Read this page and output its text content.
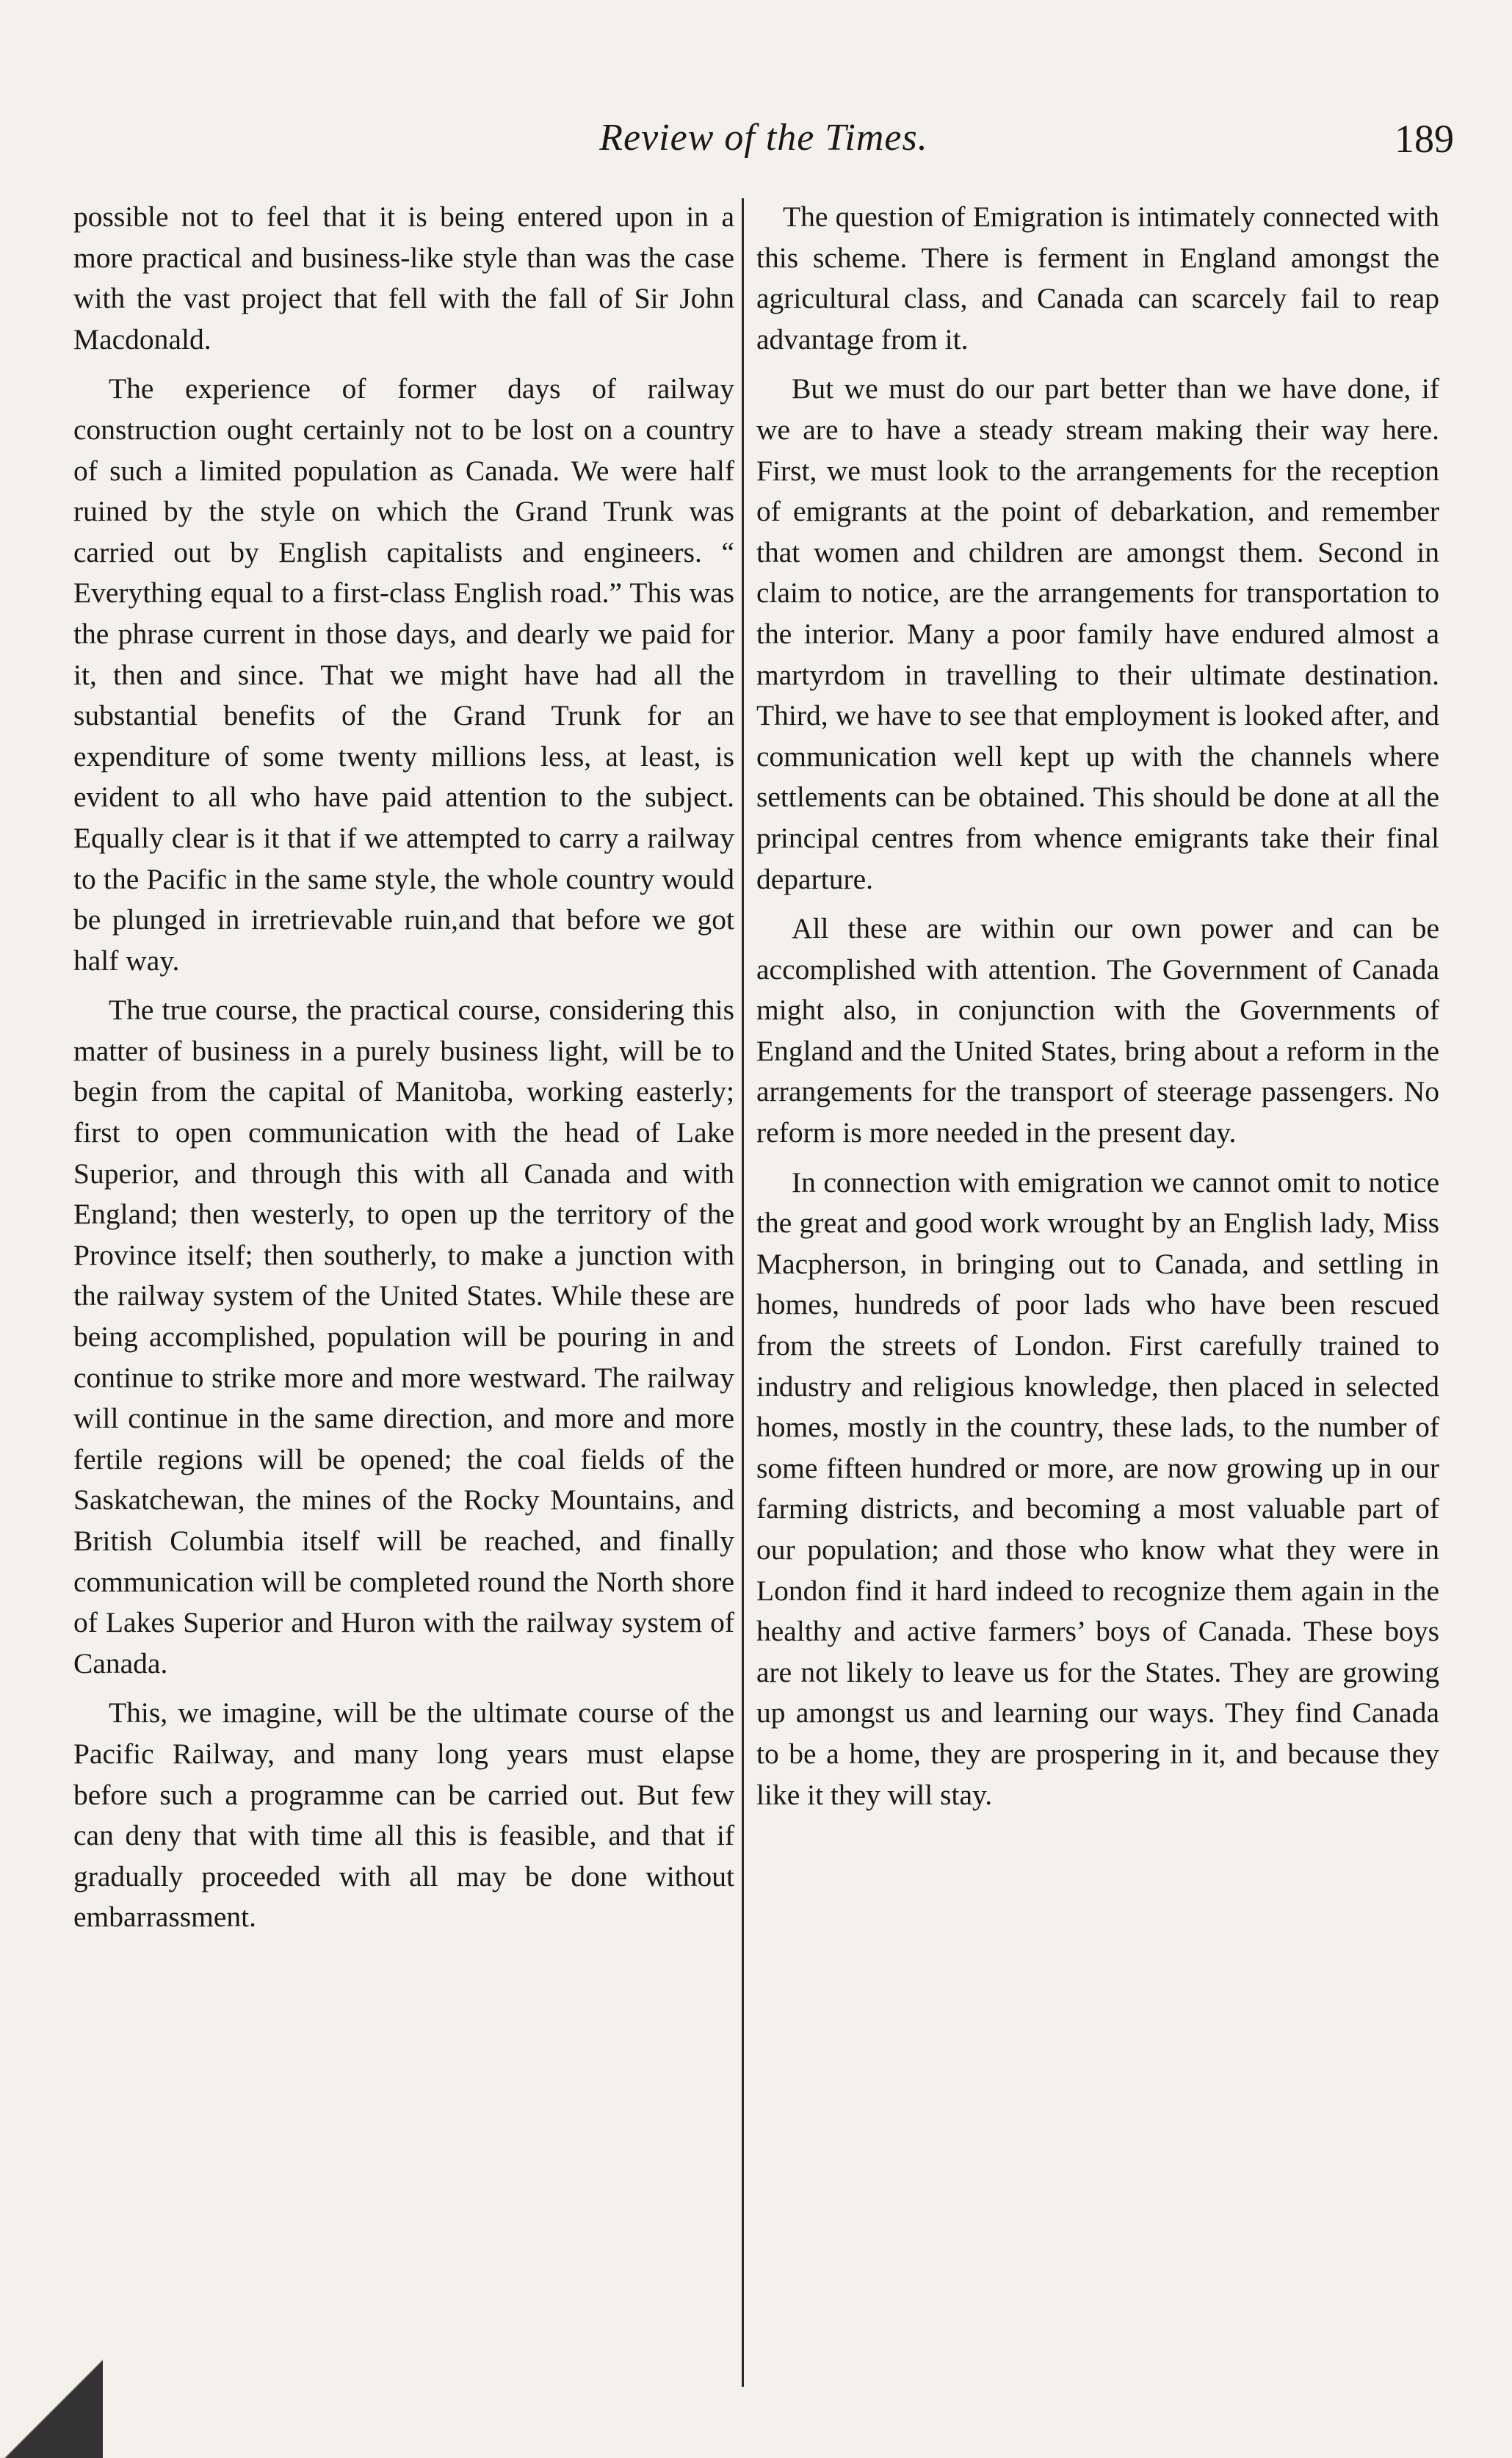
Review of the Times.	189

possible not to feel that it is being entered upon in a more practical and business-like style than was the case with the vast project that fell with the fall of Sir John Macdonald.

The experience of former days of railway construction ought certainly not to be lost on a country of such a limited population as Canada. We were half ruined by the style on which the Grand Trunk was carried out by English capitalists and engineers. “ Everything equal to a first-class English road.” This was the phrase current in those days, and dearly we paid for it, then and since. That we might have had all the substantial benefits of the Grand Trunk for an expenditure of some twenty millions less, at least, is evident to all who have paid attention to the subject. Equally clear is it that if we attempted to carry a railway to the Pacific in the same style, the whole country would be plunged in irretrievable ruin,and that before we got half way.

The true course, the practical course, considering this matter of business in a purely business light, will be to begin from the capital of Manitoba, working easterly; first to open communication with the head of Lake Superior, and through this with all Canada and with England; then westerly, to open up the territory of the Province itself; then southerly, to make a junction with the railway system of the United States. While these are being accomplished, population will be pouring in and continue to strike more and more westward. The railway will continue in the same direction, and more and more fertile regions will be opened; the coal fields of the Saskatchewan, the mines of the Rocky Mountains, and British Columbia itself will be reached, and finally communication will be completed round the North shore of Lakes Superior and Huron with the railway system of Canada.

This, we imagine, will be the ultimate course of the Pacific Railway, and many long years must elapse before such a programme can be carried out. But few can deny that with time all this is feasible, and that if gradually proceeded with all may be done without embarrassment.

The question of Emigration is intimately connected with this scheme. There is ferment in England amongst the agricultural class, and Canada can scarcely fail to reap advantage from it.

But we must do our part better than we have done, if we are to have a steady stream making their way here. First, we must look to the arrangements for the reception of emigrants at the point of debarkation, and remember that women and children are amongst them. Second in claim to notice, are the arrangements for transportation to the interior. Many a poor family have endured almost a martyrdom in travelling to their ultimate destination. Third, we have to see that employment is looked after, and communication well kept up with the channels where settlements can be obtained. This should be done at all the principal centres from whence emigrants take their final departure.

All these are within our own power and can be accomplished with attention. The Government of Canada might also, in conjunction with the Governments of England and the United States, bring about a reform in the arrangements for the transport of steerage passengers. No reform is more needed in the present day.

In connection with emigration we cannot omit to notice the great and good work wrought by an English lady, Miss Macpherson, in bringing out to Canada, and settling in homes, hundreds of poor lads who have been rescued from the streets of London. First carefully trained to industry and religious knowledge, then placed in selected homes, mostly in the country, these lads, to the number of some fifteen hundred or more, are now growing up in our farming districts, and becoming a most valuable part of our population; and those who know what they were in London find it hard indeed to recognize them again in the healthy and active farmers’ boys of Canada. These boys are not likely to leave us for the States. They are growing up amongst us and learning our ways. They find Canada to be a home, they are prospering in it, and because they like it they will stay.
